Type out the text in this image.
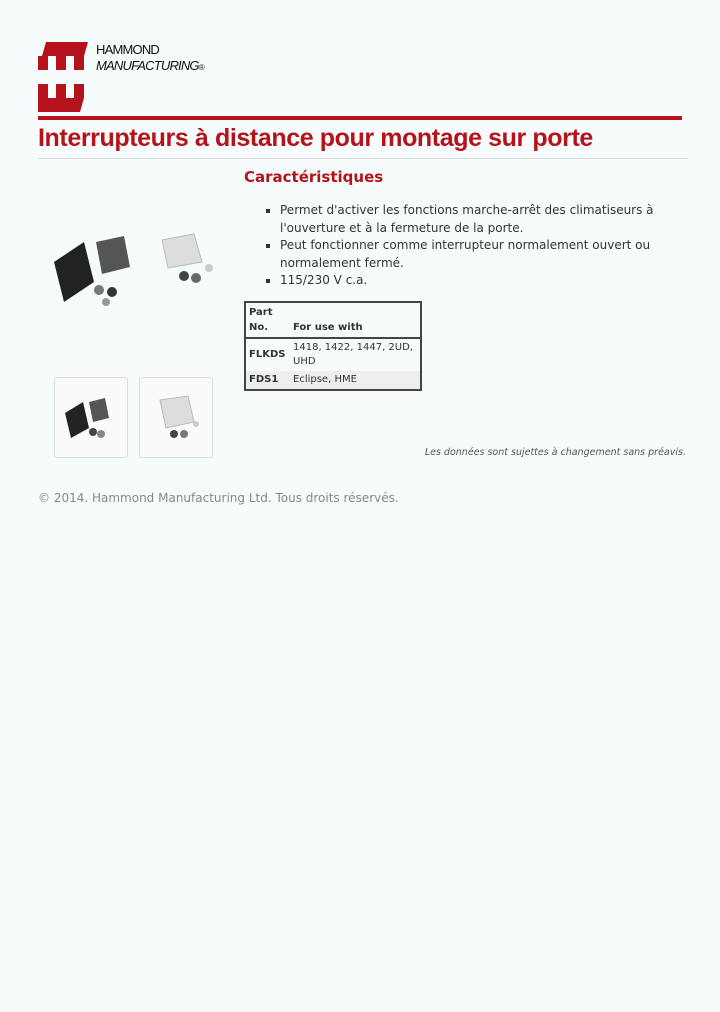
HAMMOND
MANUFACTURING®
Interrupteurs à distance pour montage sur porte
Caractéristiques
▪ Permet d'activer les fonctions marche-arrêt des climatiseurs à l'ouverture et à la fermeture de la porte.
▪ Peut fonctionner comme interrupteur normalement ouvert ou normalement fermé.
▪ 115/230 V c.a.
Part No.	For use with
FLKDS	1418, 1422, 1447, 2UD, UHD
FDS1	Eclipse, HME
Les données sont sujettes à changement sans préavis.
© 2014. Hammond Manufacturing Ltd. Tous droits réservés.
